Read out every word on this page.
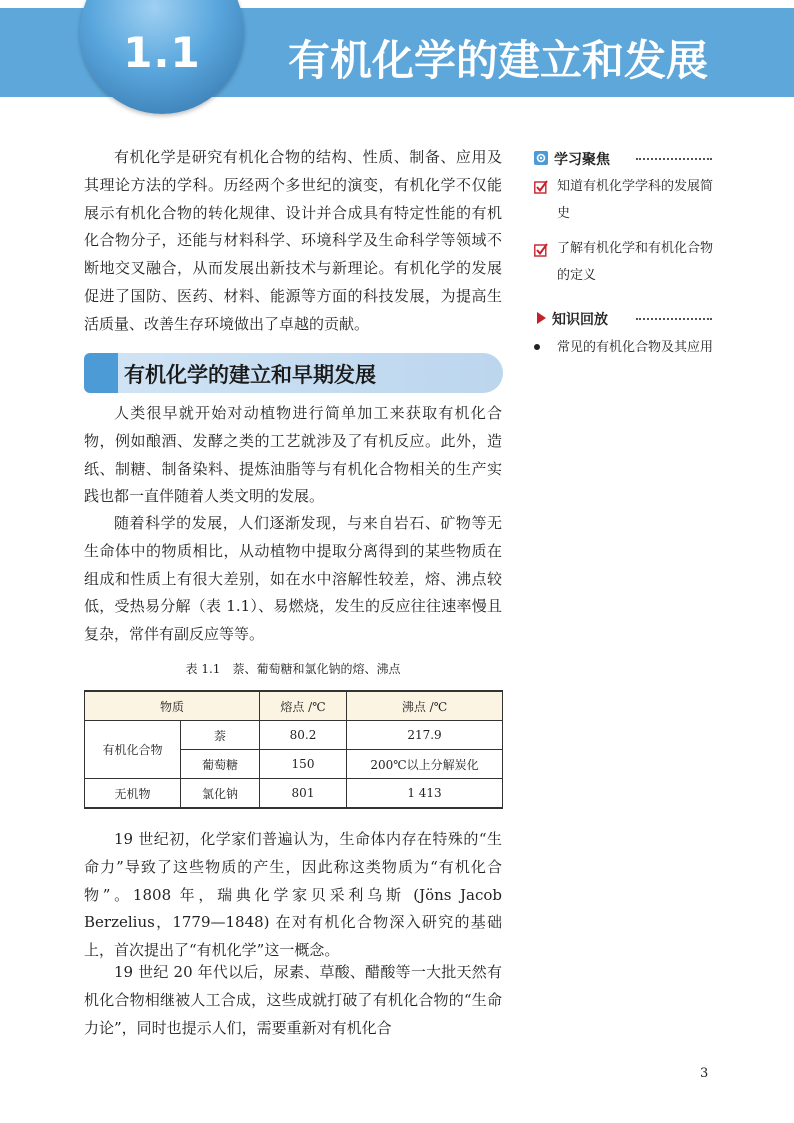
1.1	有机化学的建立和发展
有机化学是研究有机化合物的结构、性质、制备、应用及其理论方法的学科。历经两个多世纪的演变，有机化学不仅能展示有机化合物的转化规律、设计并合成具有特定性能的有机化合物分子，还能与材料科学、环境科学及生命科学等领域不断地交叉融合，从而发展出新技术与新理论。有机化学的发展促进了国防、医药、材料、能源等方面的科技发展，为提高生活质量、改善生存环境做出了卓越的贡献。
有机化学的建立和早期发展
人类很早就开始对动植物进行简单加工来获取有机化合物，例如酿酒、发酵之类的工艺就涉及了有机反应。此外，造纸、制糖、制备染料、提炼油脂等与有机化合物相关的生产实践也都一直伴随着人类文明的发展。
随着科学的发展，人们逐渐发现，与来自岩石、矿物等无生命体中的物质相比，从动植物中提取分离得到的某些物质在组成和性质上有很大差别，如在水中溶解性较差，熔、沸点较低，受热易分解（表 1.1）、易燃烧，发生的反应往往速率慢且复杂，常伴有副反应等等。
表 1.1　萘、葡萄糖和氯化钠的熔、沸点
物质		熔点 /℃	沸点 /℃
有机化合物	萘	80.2	217.9
	葡萄糖	150	200℃以上分解炭化
无机物	氯化钠	801	1 413
19 世纪初，化学家们普遍认为，生命体内存在特殊的“生命力”导致了这些物质的产生，因此称这类物质为“有机化合物”。1808 年，瑞典化学家贝采利乌斯 (Jöns Jacob Berzelius，1779—1848) 在对有机化合物深入研究的基础上，首次提出了“有机化学”这一概念。
19 世纪 20 年代以后，尿素、草酸、醋酸等一大批天然有机化合物相继被人工合成，这些成就打破了有机化合物的“生命力论”，同时也提示人们，需要重新对有机化合
学习聚焦
知道有机化学学科的发展简史
了解有机化学和有机化合物的定义
知识回放
常见的有机化合物及其应用
3
